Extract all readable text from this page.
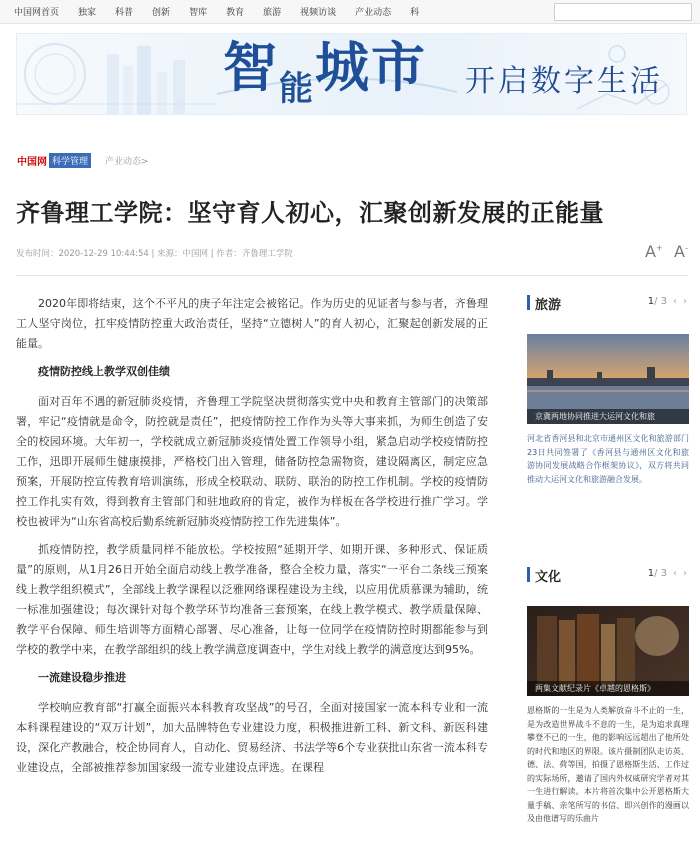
中国网首页 独家 科普 创新 智库 教育 旅游 视频访谈 产业动态 科
智$_能$城市 开启数字生活
中国网 科学管理	产业动态>
齐鲁理工学院：坚守育人初心，汇聚创新发展的正能量
发布时间：2020-12-29 10:44:54 | 来源：中国网 | 作者：齐鲁理工学院	A+ A-

2020年即将结束，这个不平凡的庚子年注定会被铭记。作为历史的见证者与参与者，齐鲁理工人坚守岗位，扛牢疫情防控重大政治责任，坚持“立德树人”的育人初心，汇聚起创新发展的正能量。

疫情防控线上教学双创佳绩

面对百年不遇的新冠肺炎疫情，齐鲁理工学院坚决贯彻落实党中央和教育主管部门的决策部署，牢记“疫情就是命令，防控就是责任”，把疫情防控工作作为头等大事来抓，为师生创造了安全的校园环境。大年初一，学校就成立新冠肺炎疫情处置工作领导小组，紧急启动学校疫情防控工作，迅即开展师生健康摸排，严格校门出入管理，储备防控急需物资，建设隔离区，制定应急预案，开展防控宣传教育培训演练，形成全校联动、联防、联治的防控工作机制。学校的疫情防控工作扎实有效，得到教育主管部门和驻地政府的肯定，被作为样板在各学校进行推广学习。学校也被评为“山东省高校后勤系统新冠肺炎疫情防控工作先进集体”。

抓疫情防控，教学质量同样不能放松。学校按照“延期开学、如期开课、多种形式、保证质量”的原则，从1月26日开始全面启动线上教学准备，整合全校力量，落实“一平台二条线三预案线上教学组织模式”，全部线上教学课程以泛雅网络课程建设为主线，以应用优质慕课为辅助，统一标准加强建设；每次课针对每个教学环节均准备三套预案，在线上教学模式、教学质量保障、教学平台保障、师生培训等方面精心部署、尽心准备，让每一位同学在疫情防控时期都能参与到学校的教学中来，在教学部组织的线上教学满意度调查中，学生对线上教学的满意度达到95%。

一流建设稳步推进

学校响应教育部“打赢全面振兴本科教育攻坚战”的号召，全面对接国家一流本科专业和一流本科课程建设的“双万计划”，加大品牌特色专业建设力度，积极推进新工科、新文科、新医科建设，深化产教融合，校企协同育人，自动化、贸易经济、书法学等6个专业获批山东省一流本科专业建设点，全部被推荐参加国家级一流专业建设点评选。在课程

旅游	1/ 3 ‹ ›
京冀两地协同推进大运河文化和旅
河北省香河县和北京市通州区文化和旅游部门23日共同签署了《香河县与通州区文化和旅游协同发展战略合作框架协议》，双方将共同推动大运河文化和旅游融合发展。
文化	1/ 3 ‹ ›
两集文献纪录片《卓越的恩格斯》
恩格斯的一生是为人类解放奋斗不止的一生，是为改造世界战斗不息的一生，是为追求真理攀登不已的一生，他的影响远远超出了他所处的时代和地区的界限。该片摄制团队走访英、德、法、荷等国，拍摄了恩格斯生活、工作过的实际场所，邀请了国内外权威研究学者对其一生进行解读。本片将首次集中公开恩格斯大量手稿、亲笔所写的书信、即兴创作的漫画以及由他谱写的乐曲片
